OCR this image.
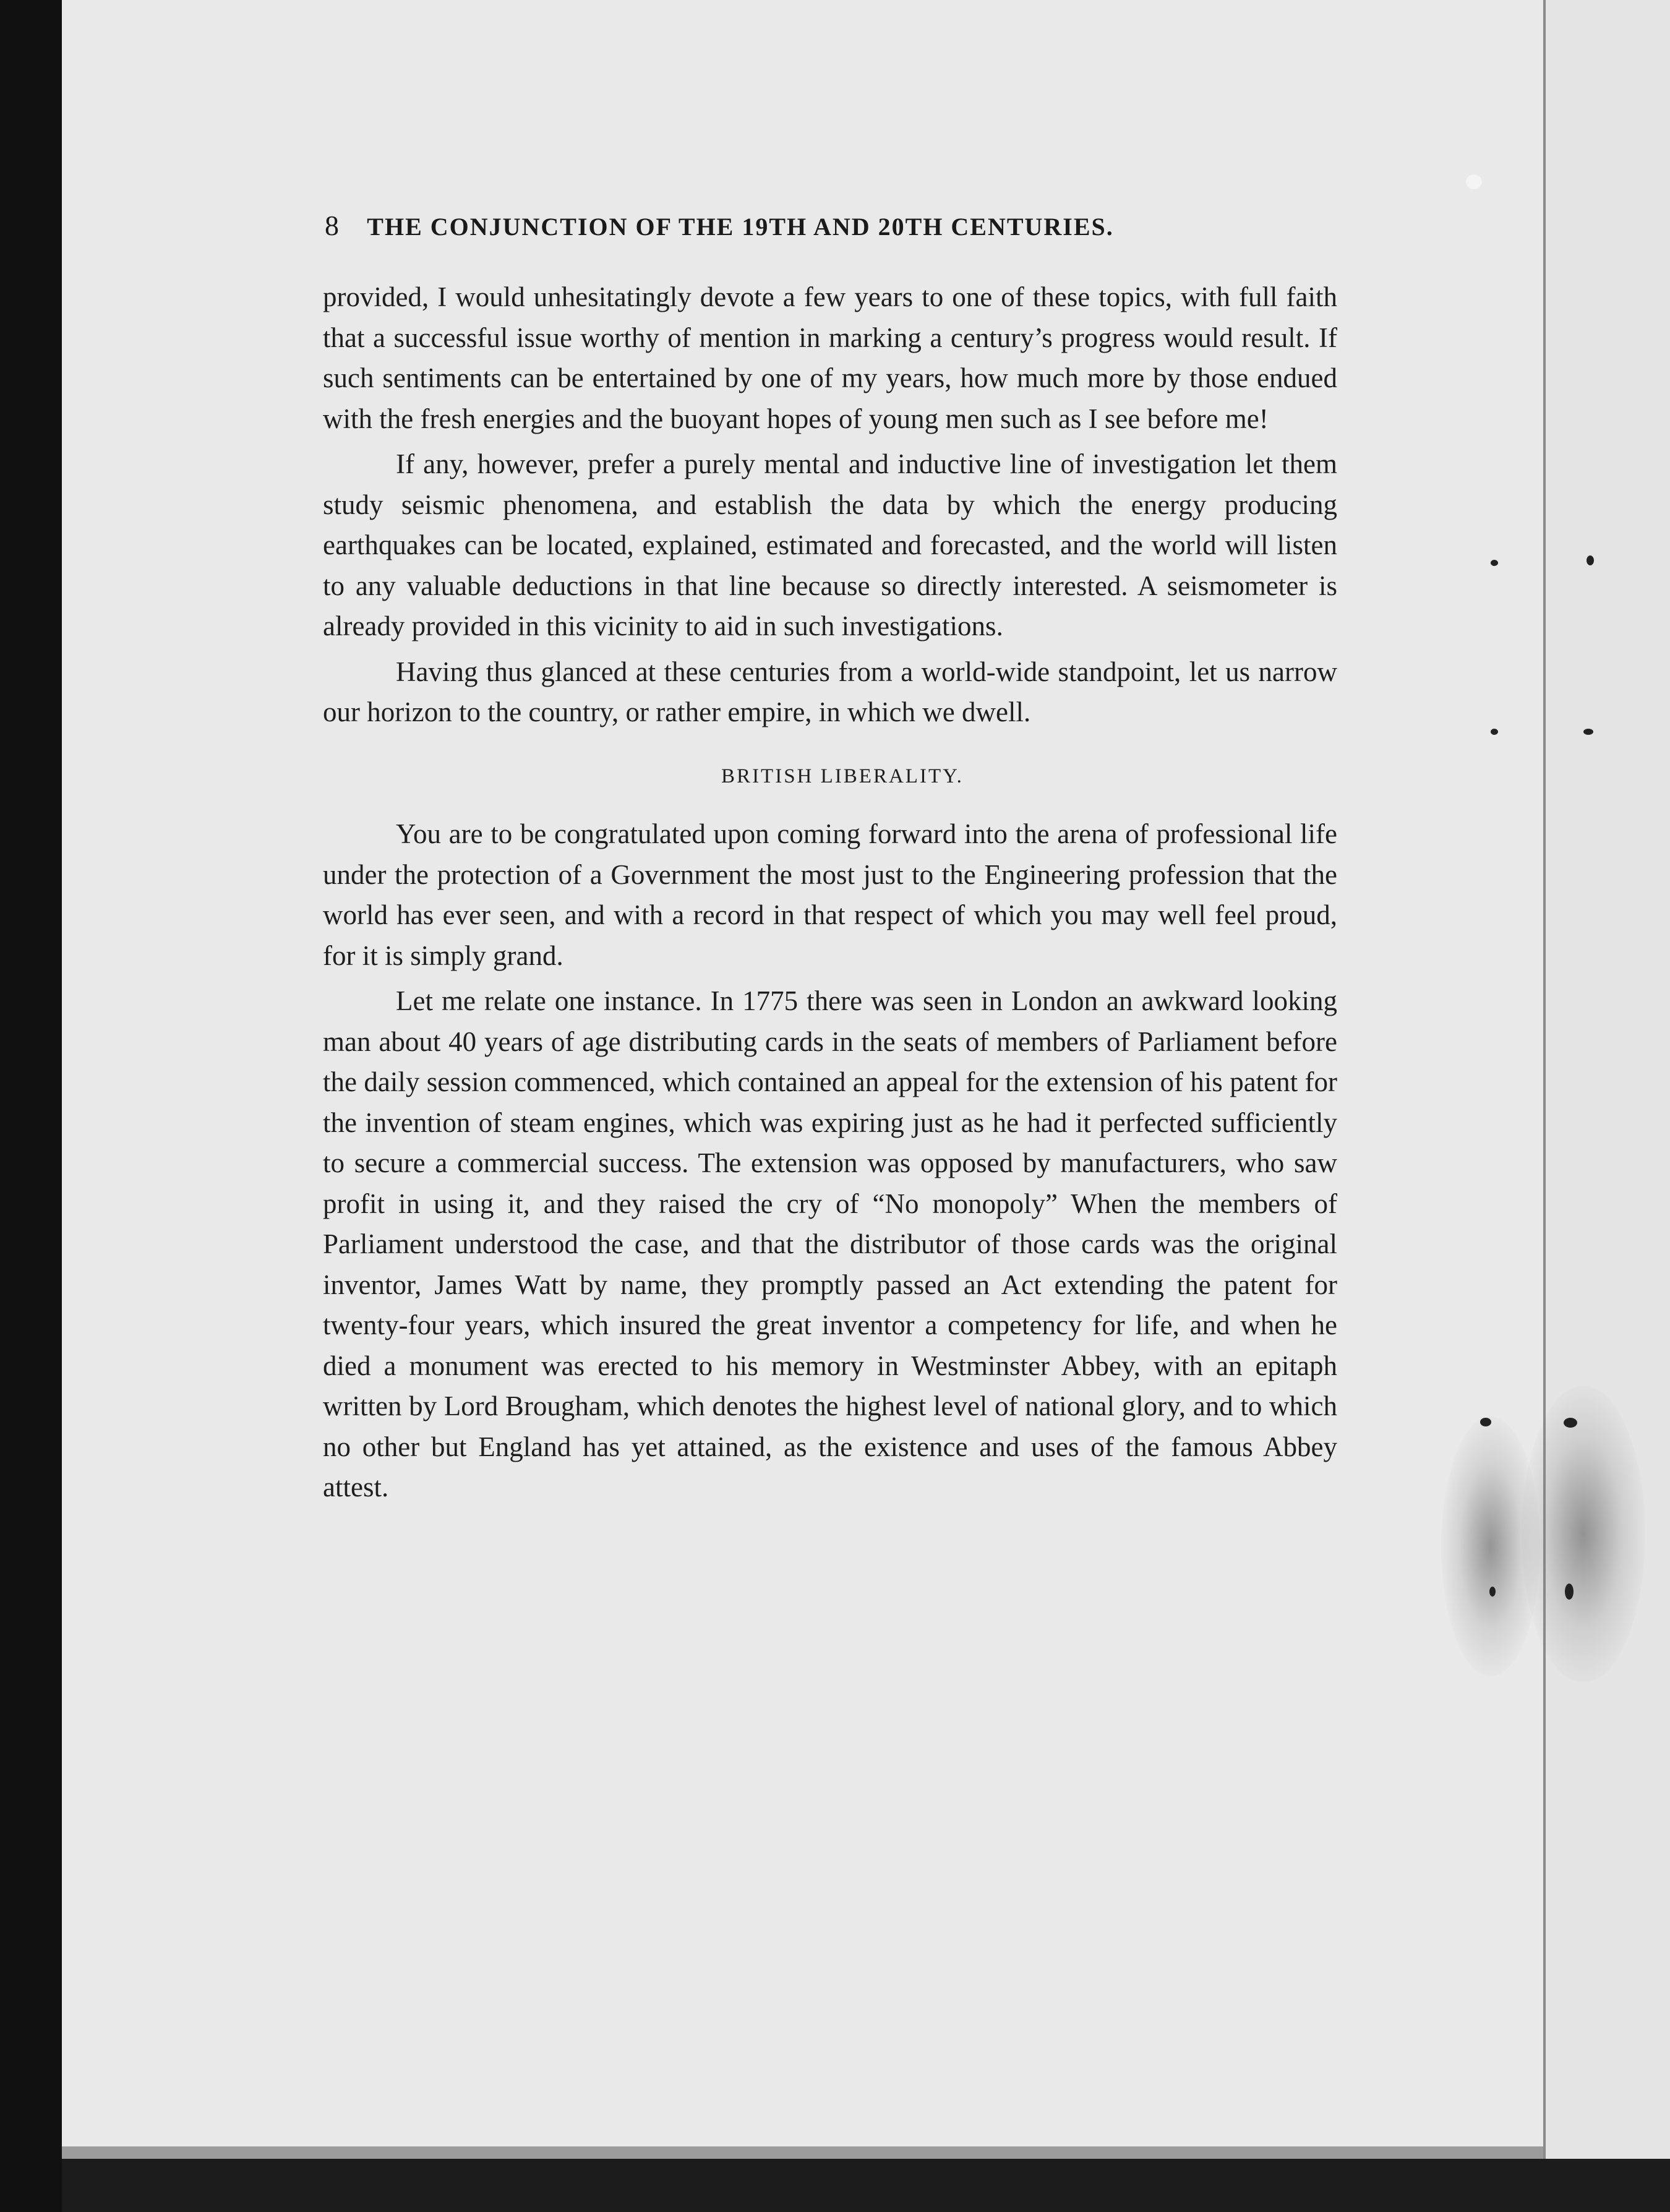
8 THE CONJUNCTION OF THE 19TH AND 20TH CENTURIES.

provided, I would unhesitatingly devote a few years to one of these topics, with full faith that a successful issue worthy of mention in marking a century’s progress would result. If such sentiments can be entertained by one of my years, how much more by those endued with the fresh energies and the buoyant hopes of young men such as I see before me!

If any, however, prefer a purely mental and inductive line of investigation let them study seismic phenomena, and establish the data by which the energy producing earthquakes can be located, explained, estimated and forecasted, and the world will listen to any valuable deductions in that line because so directly interested. A seismometer is already provided in this vicinity to aid in such investigations.

Having thus glanced at these centuries from a world-wide standpoint, let us narrow our horizon to the country, or rather empire, in which we dwell.

BRITISH LIBERALITY.

You are to be congratulated upon coming forward into the arena of professional life under the protection of a Government the most just to the Engineering profession that the world has ever seen, and with a record in that respect of which you may well feel proud, for it is simply grand.

Let me relate one instance. In 1775 there was seen in London an awkward looking man about 40 years of age distributing cards in the seats of members of Parliament before the daily session commenced, which contained an appeal for the extension of his patent for the invention of steam engines, which was expiring just as he had it perfected sufficiently to secure a commercial success. The extension was opposed by manufacturers, who saw profit in using it, and they raised the cry of “No monopoly” When the members of Parliament understood the case, and that the distributor of those cards was the original inventor, James Watt by name, they promptly passed an Act extending the patent for twenty-four years, which insured the great inventor a competency for life, and when he died a monument was erected to his memory in Westminster Abbey, with an epitaph written by Lord Brougham, which denotes the highest level of national glory, and to which no other but England has yet attained, as the existence and uses of the famous Abbey attest.
